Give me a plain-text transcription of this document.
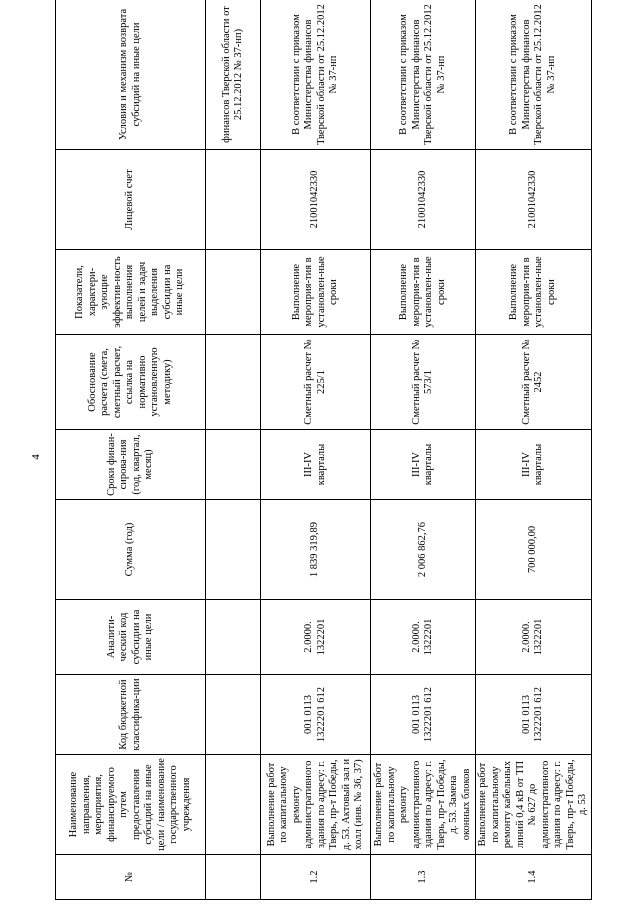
4
№	Наименование направления, мероприятия, финансируемого путем предоставления субсидий на иные цели / наименование государственного учреждения	Код бюджетной классифика-ции	Аналити-ческий код субсидии на иные цели	Сумма (год)	Сроки финан-сирова-ния (год, квартал, месяц)	Обоснование расчета (смета, сметный расчет, ссылка на нормативно установленную методику)	Показатели, характери-зующие эффектив-ность выполнения целей и задач выделения субсидии на иные цели	Лицевой счет	Условия и механизм возврата субсидий на иные цели
									финансов Тверской области от 25.12.2012 № 37-нп)
1.2	Выполнение работ по капитальному ремонту административного здания по адресу: г. Тверь, пр-т Победы, д. 53. Актовый зал и холл (инв. № 36, 37)	001 0113 1322201 612	2.0000. 1322201	1 839 319,89	III-IV кварталы	Сметный расчет № 225/1	Выполнение мероприя-тия в установлен-ные сроки	21001042330	В соответствии с приказом Министерства финансов Тверской области от 25.12.2012 № 37-нп
1.3	Выполнение работ по капитальному ремонту административного здания по адресу: г. Тверь, пр-т Победы, д. 53. Замена оконных блоков	001 0113 1322201 612	2.0000. 1322201	2 006 862,76	III-IV кварталы	Сметный расчет № 573/1	Выполнение мероприя-тия в установлен-ные сроки	21001042330	В соответствии с приказом Министерства финансов Тверской области от 25.12.2012 № 37-нп
1.4	Выполнение работ по капитальному ремонту кабельных линий 0,4 кВ от ТП № 627 до административного здания по адресу: г. Тверь, пр-т Победы, д. 53	001 0113 1322201 612	2.0000. 1322201	700 000,00	III-IV кварталы	Сметный расчет № 2452	Выполнение мероприя-тия в установлен-ные сроки	21001042330	В соответствии с приказом Министерства финансов Тверской области от 25.12.2012 № 37-нп
